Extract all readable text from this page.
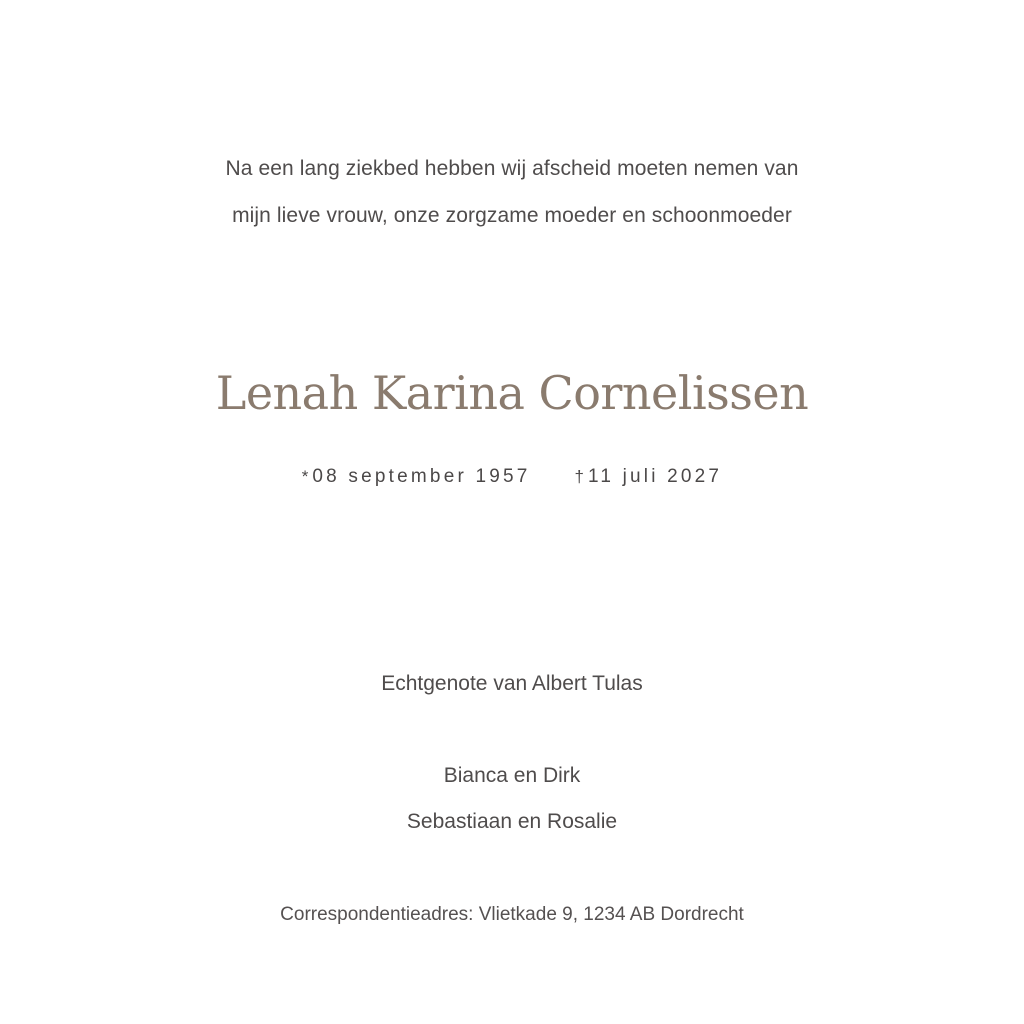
Na een lang ziekbed hebben wij afscheid moeten nemen van
mijn lieve vrouw, onze zorgzame moeder en schoonmoeder
Lenah Karina Cornelissen
* 08 september 1957	† 11 juli 2027
Echtgenote van Albert Tulas
Bianca en Dirk
Sebastiaan en Rosalie
Correspondentieadres: Vlietkade 9, 1234 AB Dordrecht
